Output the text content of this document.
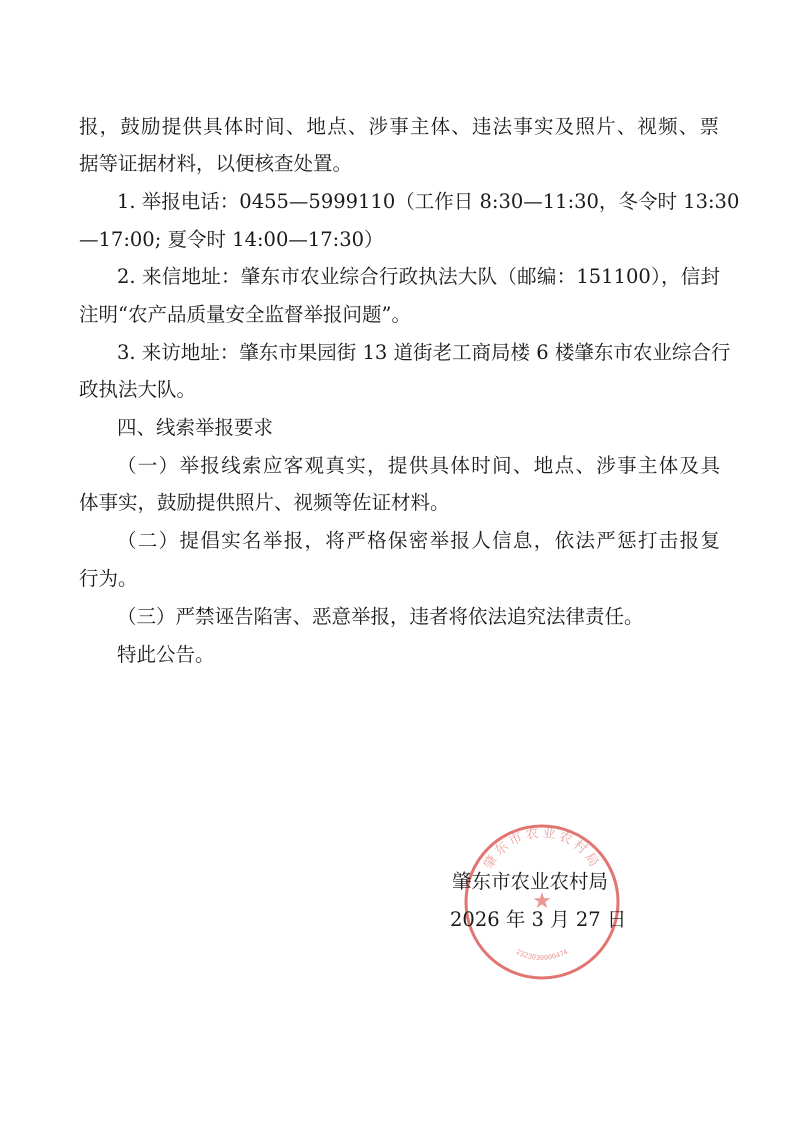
报，鼓励提供具体时间、地点、涉事主体、违法事实及照片、视频、票
据等证据材料，以便核查处置。
1. 举报电话：0455—5999110（工作日 8:30—11:30，冬令时 13:30
—17:00; 夏令时 14:00—17:30）
2. 来信地址：肇东市农业综合行政执法大队（邮编：151100），信封
注明“农产品质量安全监督举报问题”。
3. 来访地址：肇东市果园街 13 道街老工商局楼 6 楼肇东市农业综合行
政执法大队。
四、线索举报要求
（一）举报线索应客观真实，提供具体时间、地点、涉事主体及具
体事实，鼓励提供照片、视频等佐证材料。
（二）提倡实名举报，将严格保密举报人信息，依法严惩打击报复
行为。
（三）严禁诬告陷害、恶意举报，违者将依法追究法律责任。
特此公告。
肇东市农业农村局
★
2323030000474
肇东市农业农村局
2026 年 3 月 27 日
